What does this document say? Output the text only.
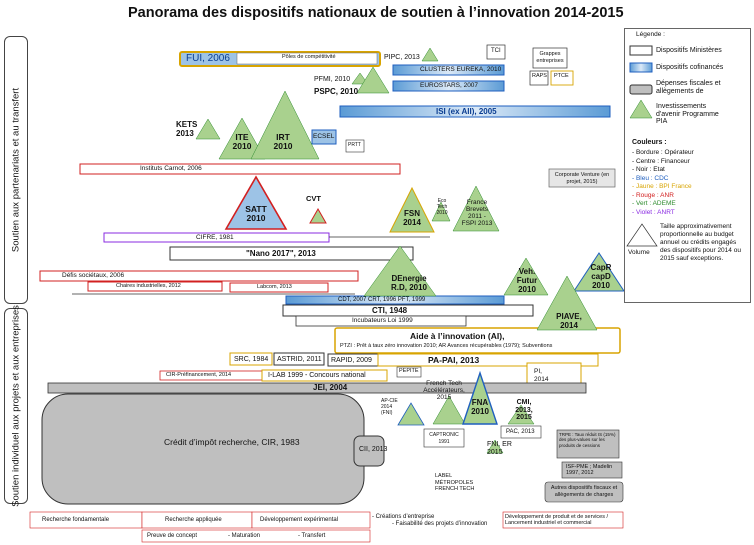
Panorama des dispositifs nationaux de soutien à l’innovation 2014-2015
Soutien aux partenariats et au transfert
Soutien individuel aux projets et aux entreprises
Légende :
Dispositifs Ministères
Dispositifs cofinancés
Dépenses fiscales et allègements de
Investissements d'avenir Programme PIA
Couleurs :
- Bordure : Opérateur
- Centre : Financeur
- Noir : Etat
- Bleu : CDC
- Jaune : BPI France
- Rouge : ANR
- Vert : ADEME
- Violet : ANRT
Volume
Taille approximativement
proportionnelle au budget
annuel ou crédits engagés
des dispositifs pour 2014 ou
2015 sauf exceptions.
FUI, 2006	Pôles de compétitivité	PIPC, 2013
TCI	Grappes entreprises
CLUSTERS EUREKA, 2010
PFMI, 2010	RAPS PTCE
EUROSTARS, 2007
PSPC, 2010
ISI (ex AII), 2005
KETS 2013	ITE 2010
IRT 2010
ECSEL
PRTT
Instituts Carnot, 2006
Corporate Venture (en projet, 2015)
SATT 2010
CVT
FSN 2014
Eco Tech 2010
France Brevets 2011 - FSPI 2013
CIFRE, 1981
"Nano 2017", 2013
Défis sociétaux, 2006
Chaires industrielles, 2012	Labcom, 2013
DEnergie R.D, 2010
Veh. Futur 2010
CapR capD 2010
CDT, 2007 CRT, 1996 PFT, 1999
CTI, 1948
Incubateurs Loi 1999	PIAVE, 2014
Aide à l’innovation (AI),
PTZI : Prêt à taux zéro innovation 2010; AR Avances récupérables (1979); Subventions
SRC, 1984 ASTRID, 2011 RAPID, 2009	PA-PAI, 2013
CIR-Préfinancement, 2014	I-LAB 1999 - Concours national
PEPITE	PI, 2014
JEI, 2004	French Tech Accélérateurs, 2015
AP-CIE 2014 (FNI)
FNA 2010
CMI, 2013, 2015
Crédit d’impôt recherche, CIR, 1983
CII, 2013
CAPTRONIC 1991
PAC, 2013	TRPE : Taux réduit IS (15%) des plus-values sur les produits de cessions
FNI, ER 2015
ISF-PME ; Madelin 1997, 2012
LABEL MÉTROPOLES FRENCH TECH	Autres dispositifs fiscaux et allègements de charges
Recherche fondamentale	Recherche appliquée	Développement expérimental	- Créations d’entreprise
- Faisabilité des projets d’innovation
Développement de produit et de services / Lancement industriel et commercial
Preuve de concept	- Maturation	- Transfert
